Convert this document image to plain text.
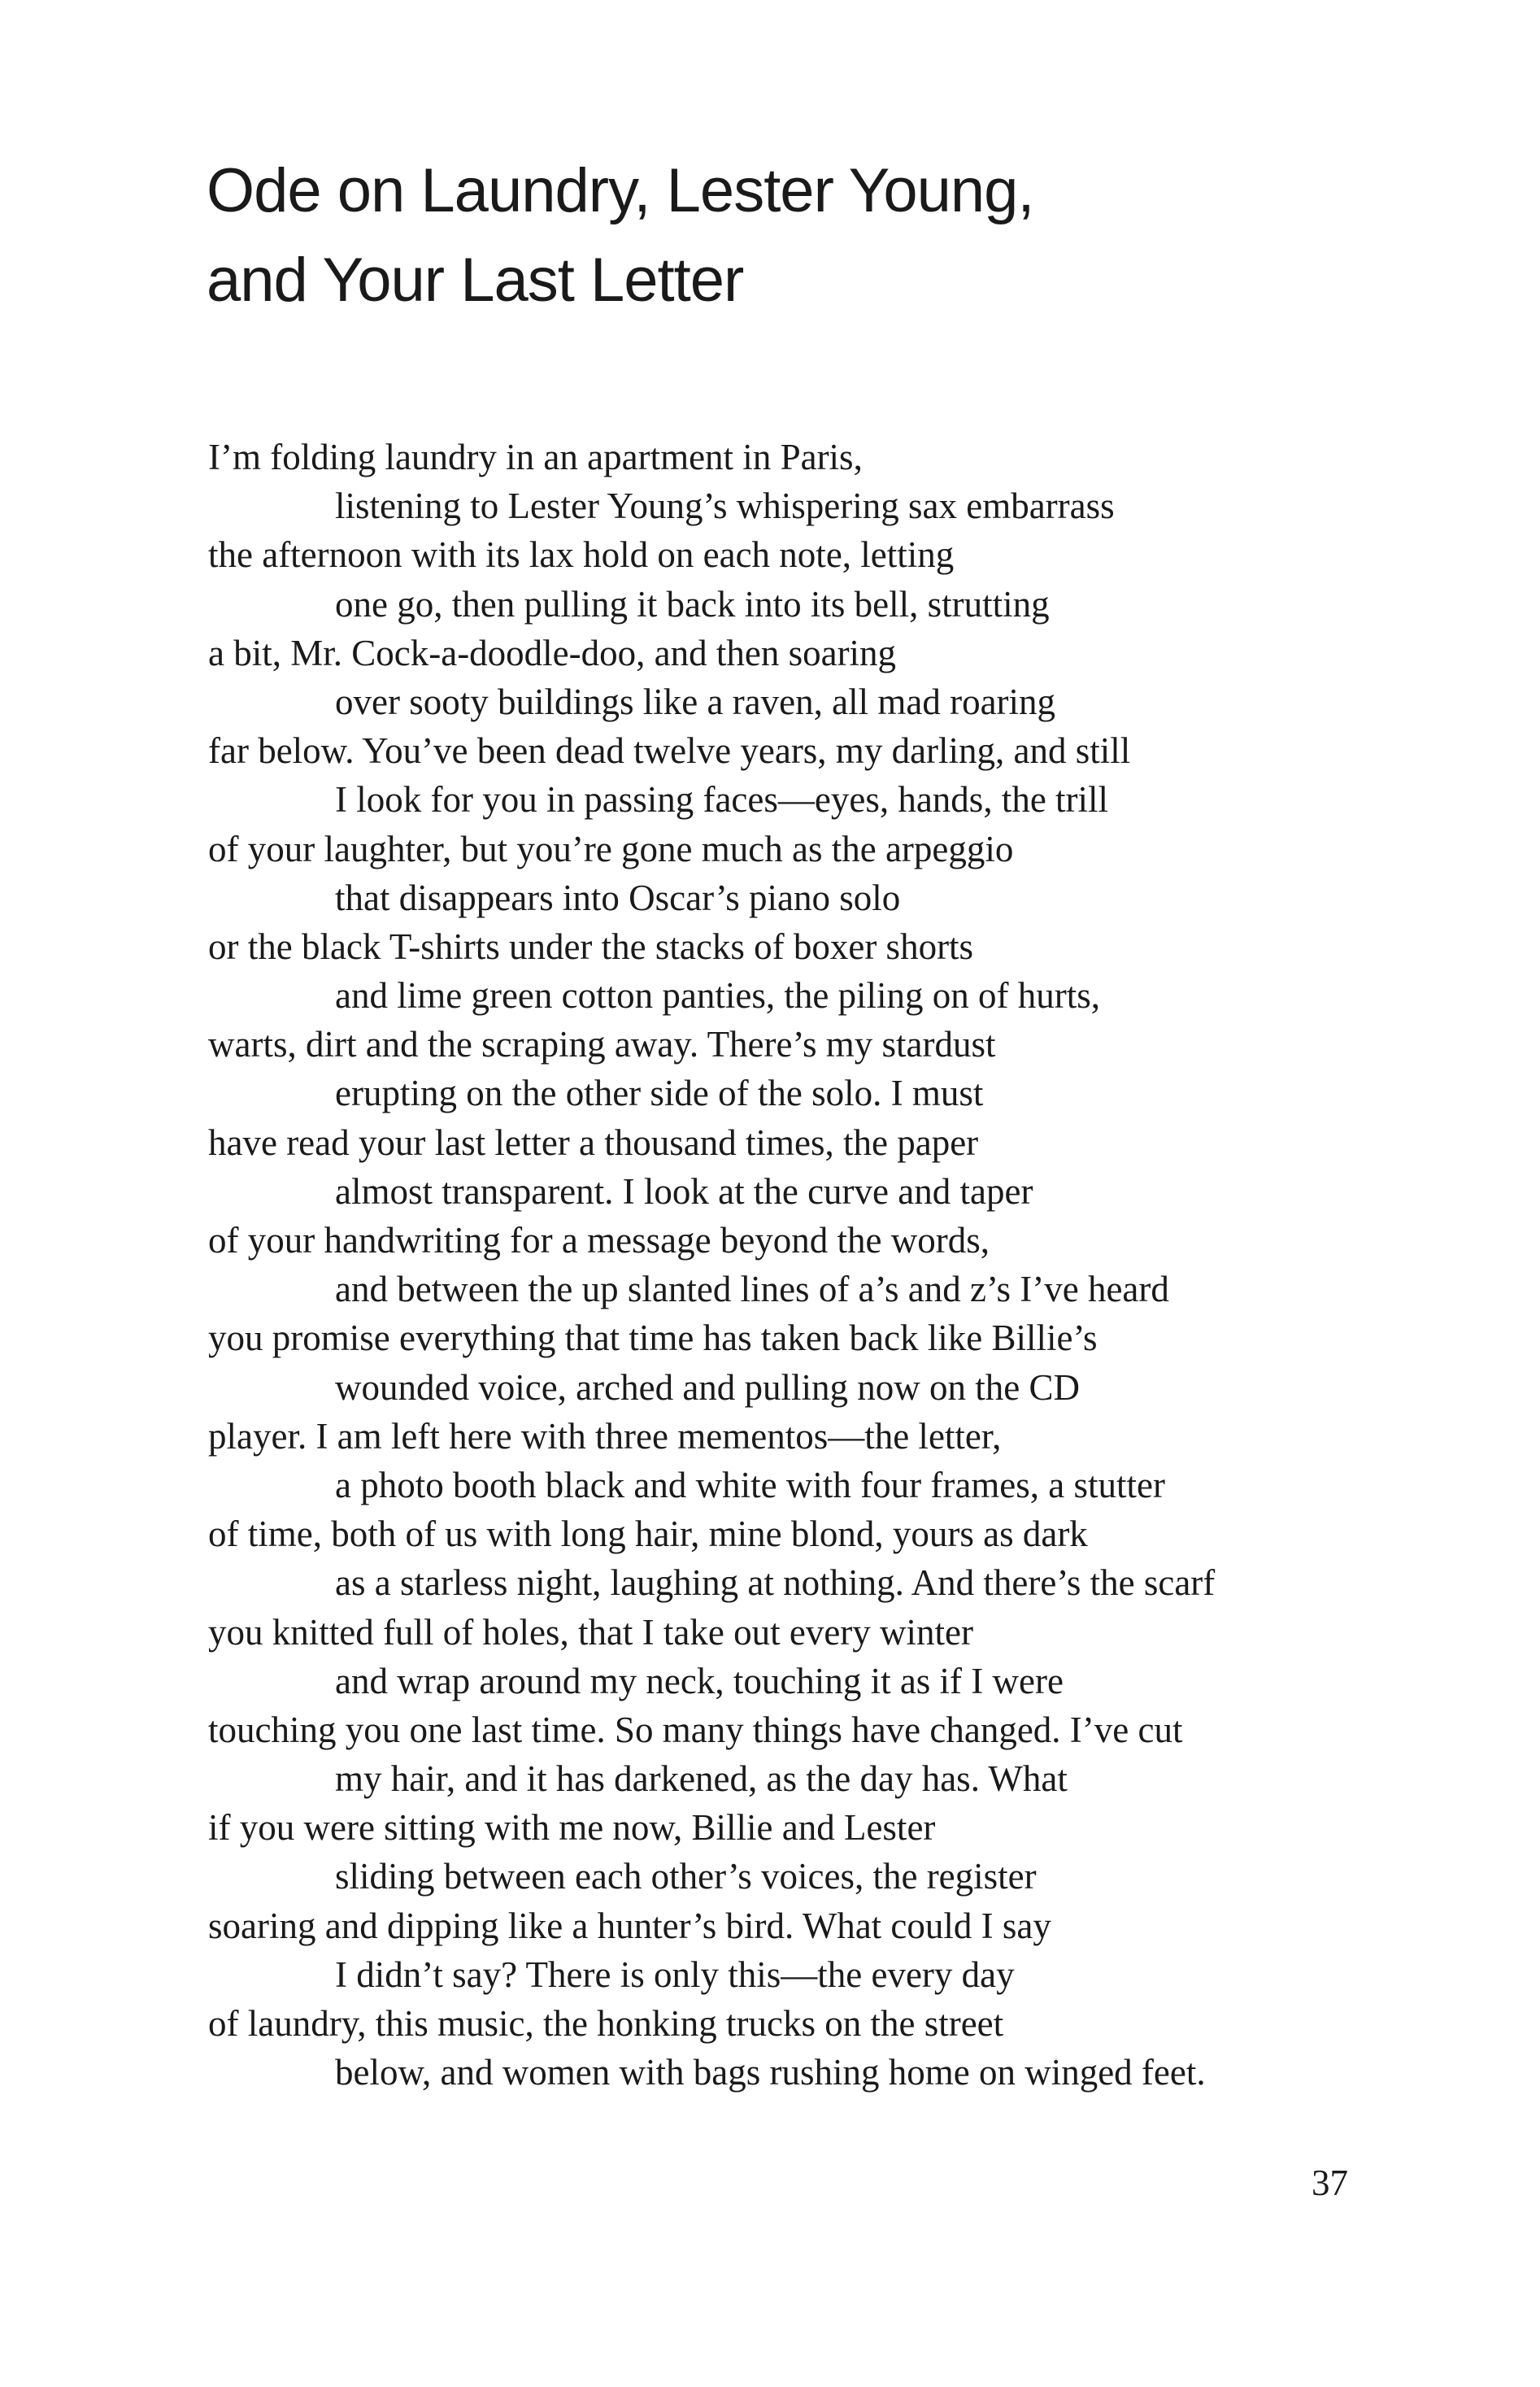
Ode on Laundry, Lester Young,
and Your Last Letter
I’m folding laundry in an apartment in Paris,
listening to Lester Young’s whispering sax embarrass
the afternoon with its lax hold on each note, letting
one go, then pulling it back into its bell, strutting
a bit, Mr. Cock-a-doodle-doo, and then soaring
over sooty buildings like a raven, all mad roaring
far below. You’ve been dead twelve years, my darling, and still
I look for you in passing faces—eyes, hands, the trill
of your laughter, but you’re gone much as the arpeggio
that disappears into Oscar’s piano solo
or the black T-shirts under the stacks of boxer shorts
and lime green cotton panties, the piling on of hurts,
warts, dirt and the scraping away. There’s my stardust
erupting on the other side of the solo. I must
have read your last letter a thousand times, the paper
almost transparent. I look at the curve and taper
of your handwriting for a message beyond the words,
and between the up slanted lines of a’s and z’s I’ve heard
you promise everything that time has taken back like Billie’s
wounded voice, arched and pulling now on the CD
player. I am left here with three mementos—the letter,
a photo booth black and white with four frames, a stutter
of time, both of us with long hair, mine blond, yours as dark
as a starless night, laughing at nothing. And there’s the scarf
you knitted full of holes, that I take out every winter
and wrap around my neck, touching it as if I were
touching you one last time. So many things have changed. I’ve cut
my hair, and it has darkened, as the day has. What
if you were sitting with me now, Billie and Lester
sliding between each other’s voices, the register
soaring and dipping like a hunter’s bird. What could I say
I didn’t say? There is only this—the every day
of laundry, this music, the honking trucks on the street
below, and women with bags rushing home on winged feet.
37
